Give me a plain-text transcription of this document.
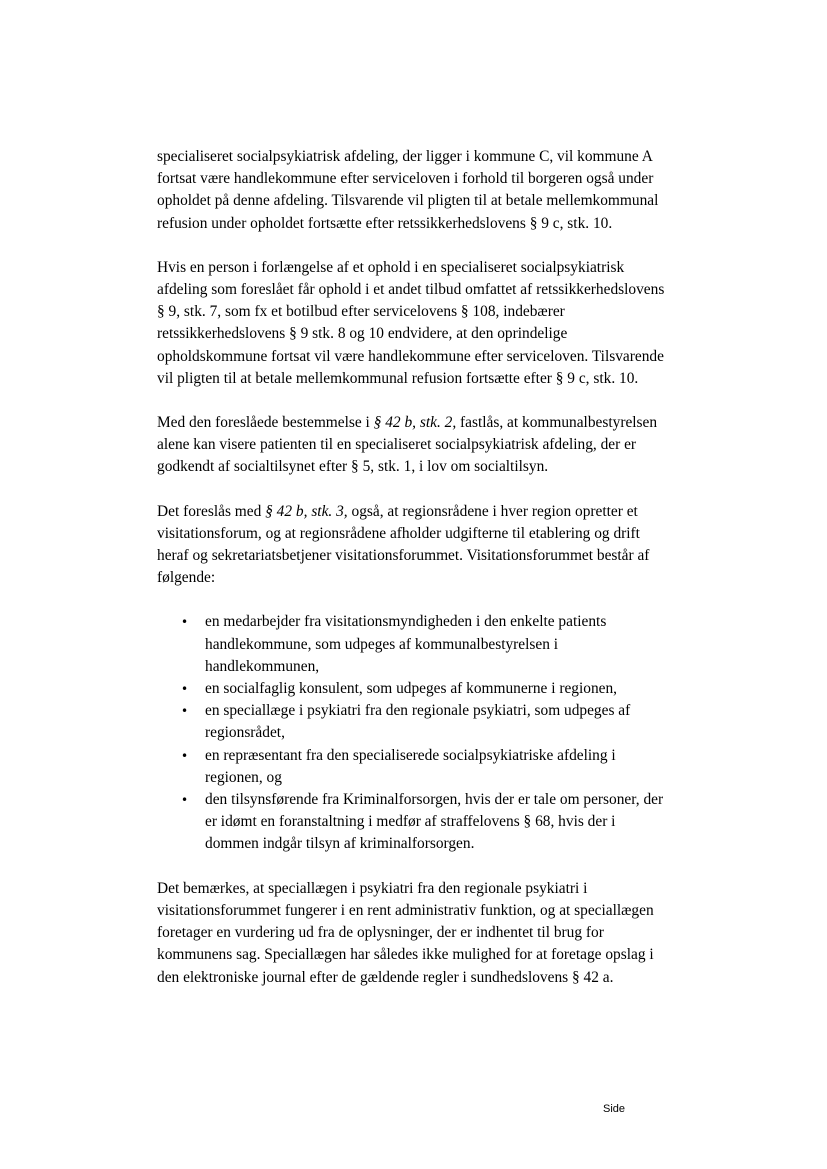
specialiseret socialpsykiatrisk afdeling, der ligger i kommune C, vil kommune A fortsat være handlekommune efter serviceloven i forhold til borgeren også under opholdet på denne afdeling. Tilsvarende vil pligten til at betale mellemkommunal refusion under opholdet fortsætte efter retssikkerhedslovens § 9 c, stk. 10.

Hvis en person i forlængelse af et ophold i en specialiseret socialpsykiatrisk afdeling som foreslået får ophold i et andet tilbud omfattet af retssikkerhedslovens § 9, stk. 7, som fx et botilbud efter servicelovens § 108, indebærer retssikkerhedslovens § 9 stk. 8 og 10 endvidere, at den oprindelige opholdskommune fortsat vil være handlekommune efter serviceloven. Tilsvarende vil pligten til at betale mellemkommunal refusion fortsætte efter § 9 c, stk. 10.

Med den foreslåede bestemmelse i § 42 b, stk. 2, fastlås, at kommunalbestyrelsen alene kan visere patienten til en specialiseret socialpsykiatrisk afdeling, der er godkendt af socialtilsynet efter § 5, stk. 1, i lov om socialtilsyn.

Det foreslås med § 42 b, stk. 3, også, at regionsrådene i hver region opretter et visitationsforum, og at regionsrådene afholder udgifterne til etablering og drift heraf og sekretariatsbetjener visitationsforummet. Visitationsforummet består af følgende:

• en medarbejder fra visitationsmyndigheden i den enkelte patients handlekommune, som udpeges af kommunalbestyrelsen i handlekommunen,
• en socialfaglig konsulent, som udpeges af kommunerne i regionen,
• en speciallæge i psykiatri fra den regionale psykiatri, som udpeges af regionsrådet,
• en repræsentant fra den specialiserede socialpsykiatriske afdeling i regionen, og
• den tilsynsførende fra Kriminalforsorgen, hvis der er tale om personer, der er idømt en foranstaltning i medfør af straffelovens § 68, hvis der i dommen indgår tilsyn af kriminalforsorgen.

Det bemærkes, at speciallægen i psykiatri fra den regionale psykiatri i visitationsforummet fungerer i en rent administrativ funktion, og at speciallægen foretager en vurdering ud fra de oplysninger, der er indhentet til brug for kommunens sag. Speciallægen har således ikke mulighed for at foretage opslag i den elektroniske journal efter de gældende regler i sundhedslovens § 42 a.

Side
